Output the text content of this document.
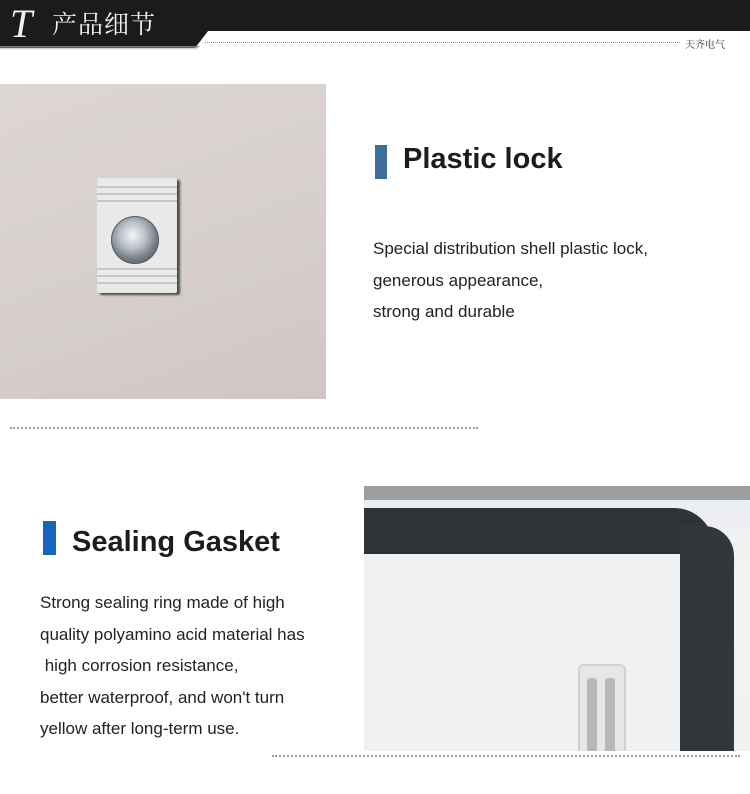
T 产品细节
天齐电气
Plastic lock
Special distribution shell plastic lock,
generous appearance,
strong and durable
Sealing Gasket
Strong sealing ring made of high
quality polyamino acid material has
high corrosion resistance,
better waterproof, and won't turn
yellow after long-term use.
